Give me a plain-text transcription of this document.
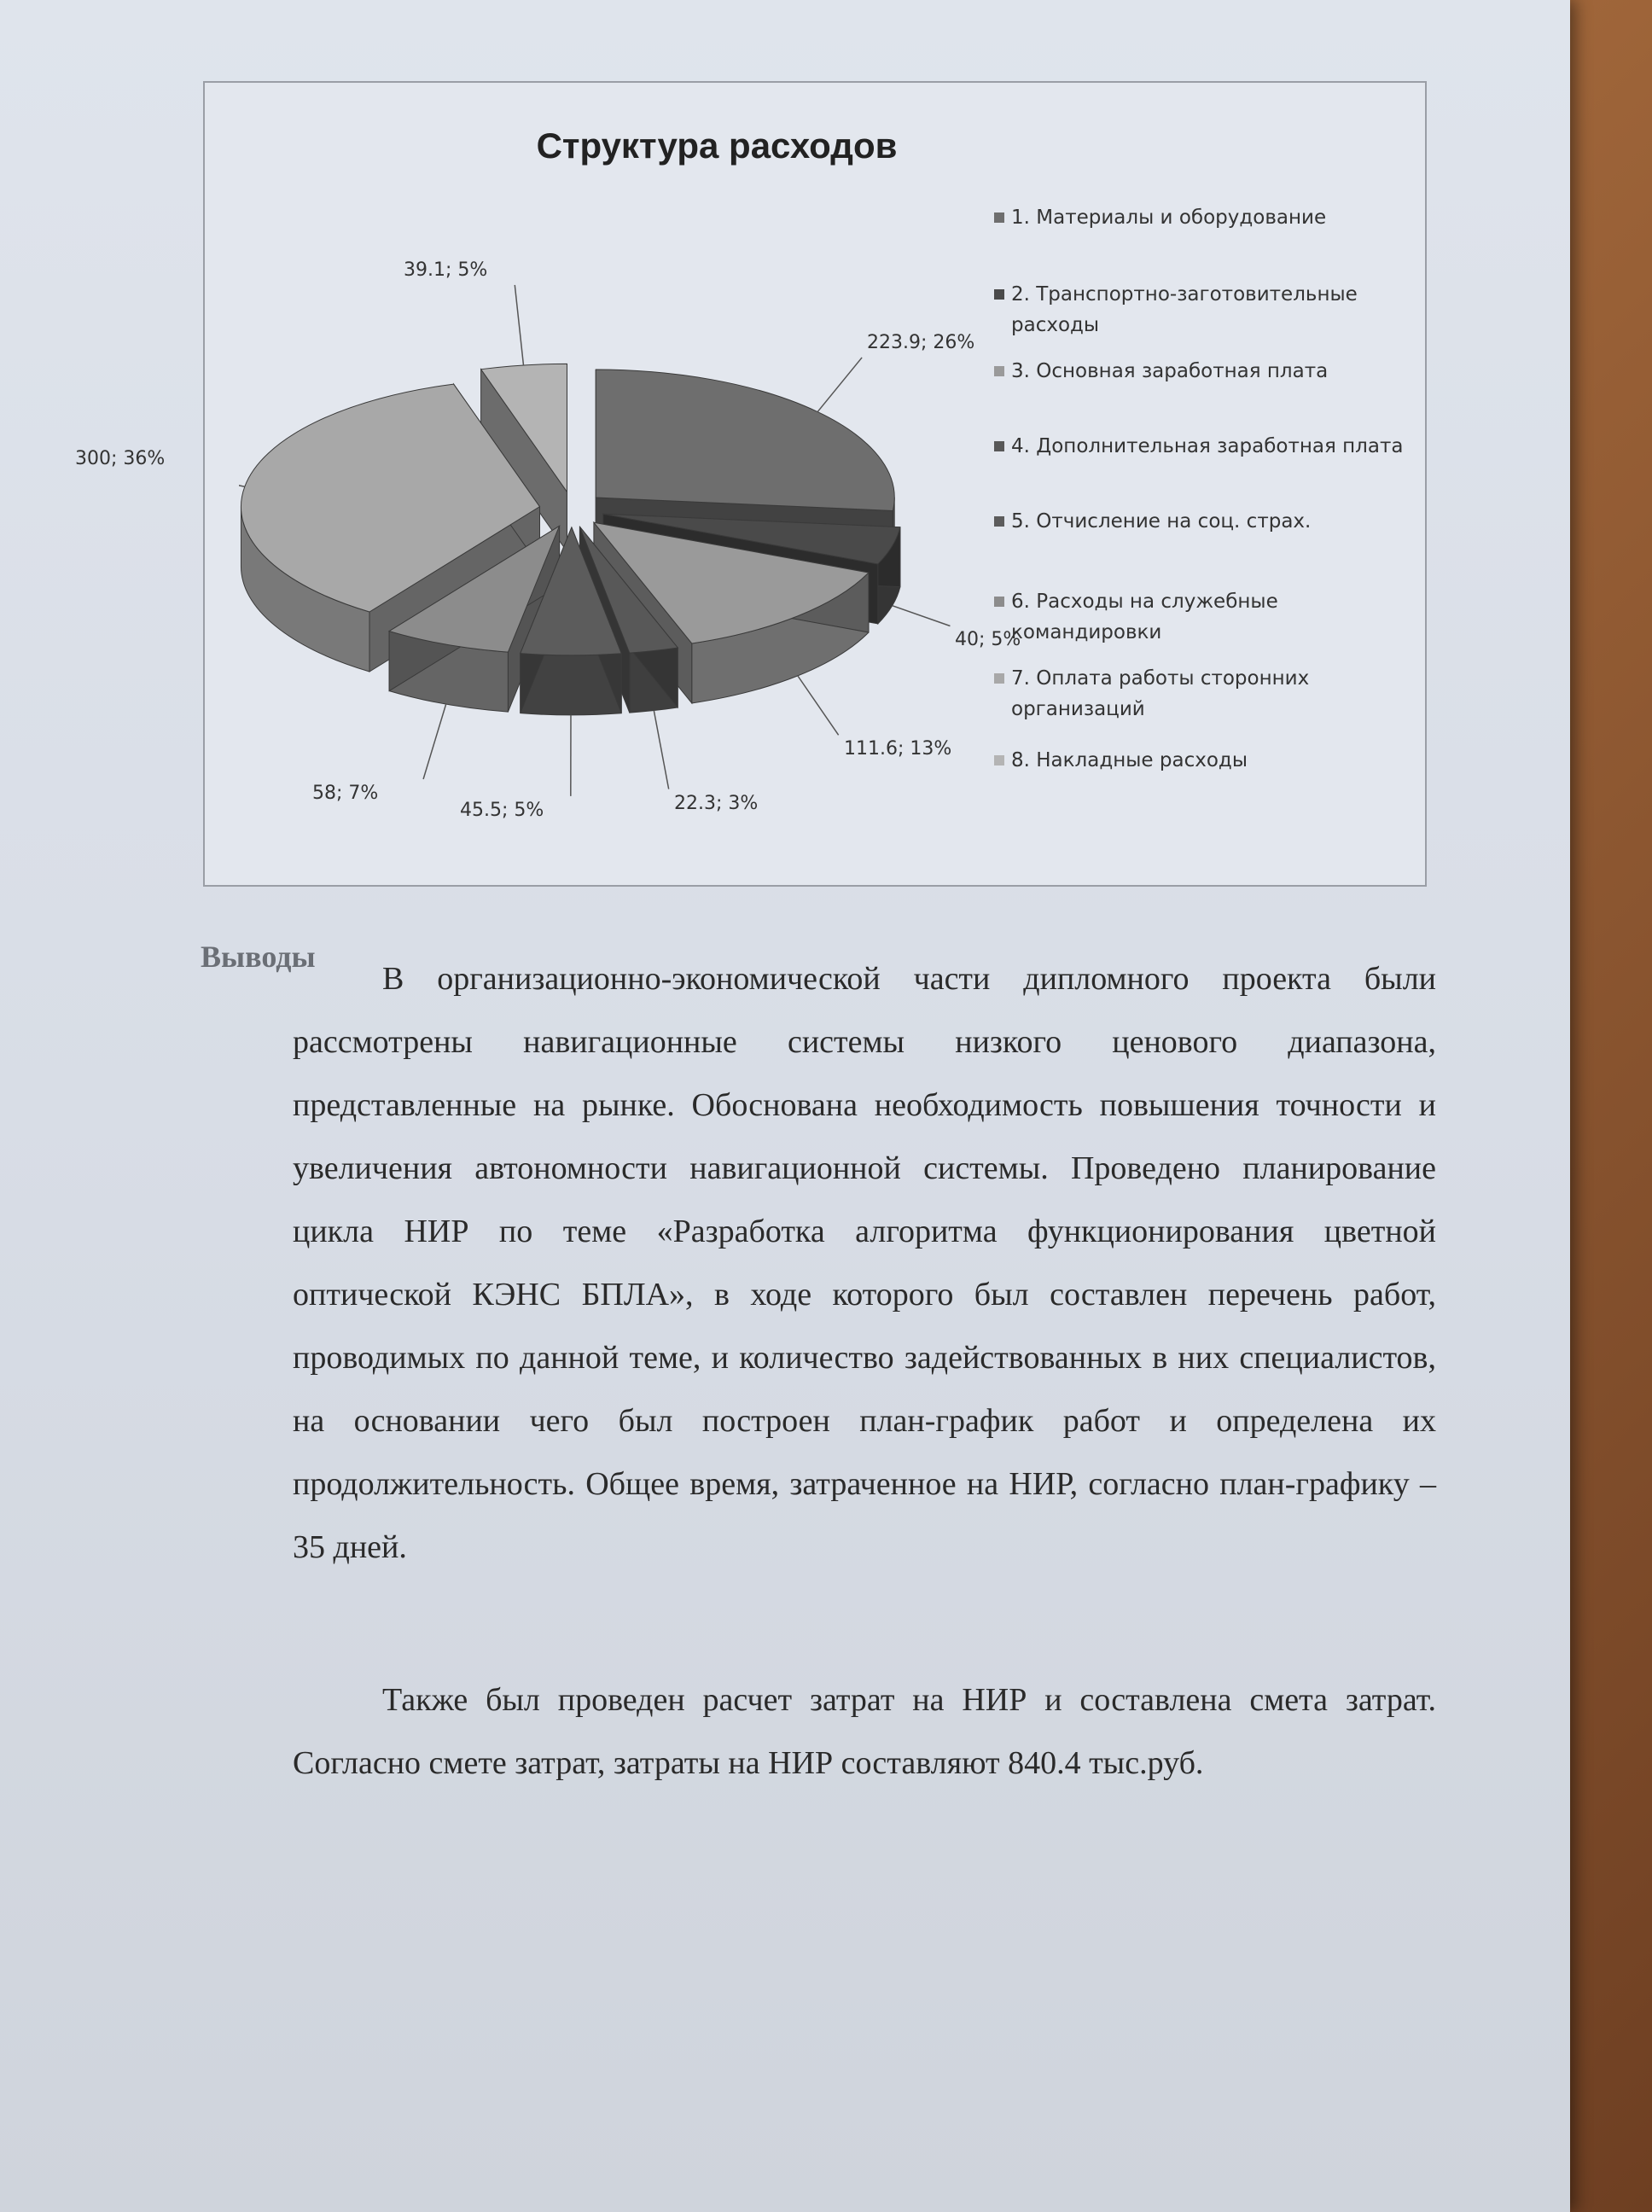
Структура расходов
1. Материалы и оборудование
2. Транспортно-заготовительные расходы
3. Основная заработная плата
4. Дополнительная заработная плата
5. Отчисление на соц. страх.
6. Расходы на служебные командировки
7. Оплата работы сторонних организаций
8. Накладные расходы
223.9; 26%
40; 5%
111.6; 13%
22.3; 3%
45.5; 5%
58; 7%
300; 36%
39.1; 5%
Выводы

В организационно-экономической части дипломного проекта были рассмотрены навигационные системы низкого ценового диапазона, представленные на рынке. Обоснована необходимость повышения точности и увеличения автономности навигационной системы. Проведено планирование цикла НИР по теме «Разработка алгоритма функционирования цветной оптической КЭНС БПЛА», в ходе которого был составлен перечень работ, проводимых по данной теме, и количество задействованных в них специалистов, на основании чего был построен план-график работ и определена их продолжительность. Общее время, затраченное на НИР, согласно план-графику – 35 дней.

Также был проведен расчет затрат на НИР и составлена смета затрат. Согласно смете затрат, затраты на НИР составляют 840.4 тыс.руб.
